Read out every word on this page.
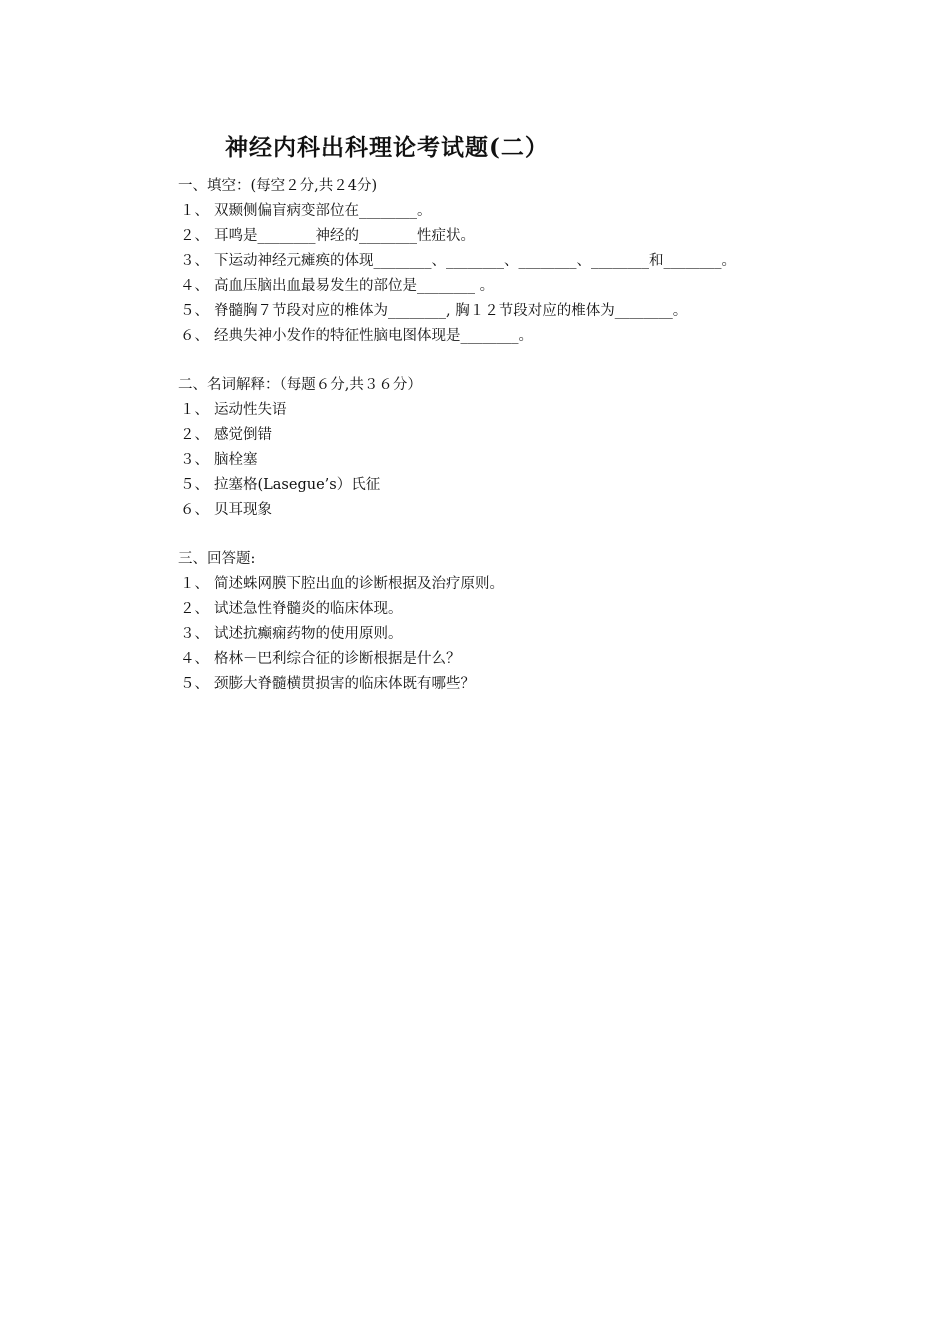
神经内科出科理论考试题(二）
一、填空：(每空２分,共２4分)
１、 双颞侧偏盲病变部位在________。
２、 耳鸣是________神经的________性症状。
３、 下运动神经元瘫痪的体现________、________、________、________和________。
４、 高血压脑出血最易发生的部位是________ 。
５、 脊髓胸７节段对应的椎体为________, 胸１２节段对应的椎体为________。
６、 经典失神小发作的特征性脑电图体现是________。
二、名词解释：（每题６分,共３６分）
１、 运动性失语
２、 感觉倒错
３、 脑栓塞
５、 拉塞格(Lasegue’s）氏征
６、 贝耳现象
三、回答题:
１、 简述蛛网膜下腔出血的诊断根据及治疗原则。
２、 试述急性脊髓炎的临床体现。
３、 试述抗癫痫药物的使用原则。
４、 格林－巴利综合征的诊断根据是什么？
５、 颈膨大脊髓横贯损害的临床体既有哪些？
